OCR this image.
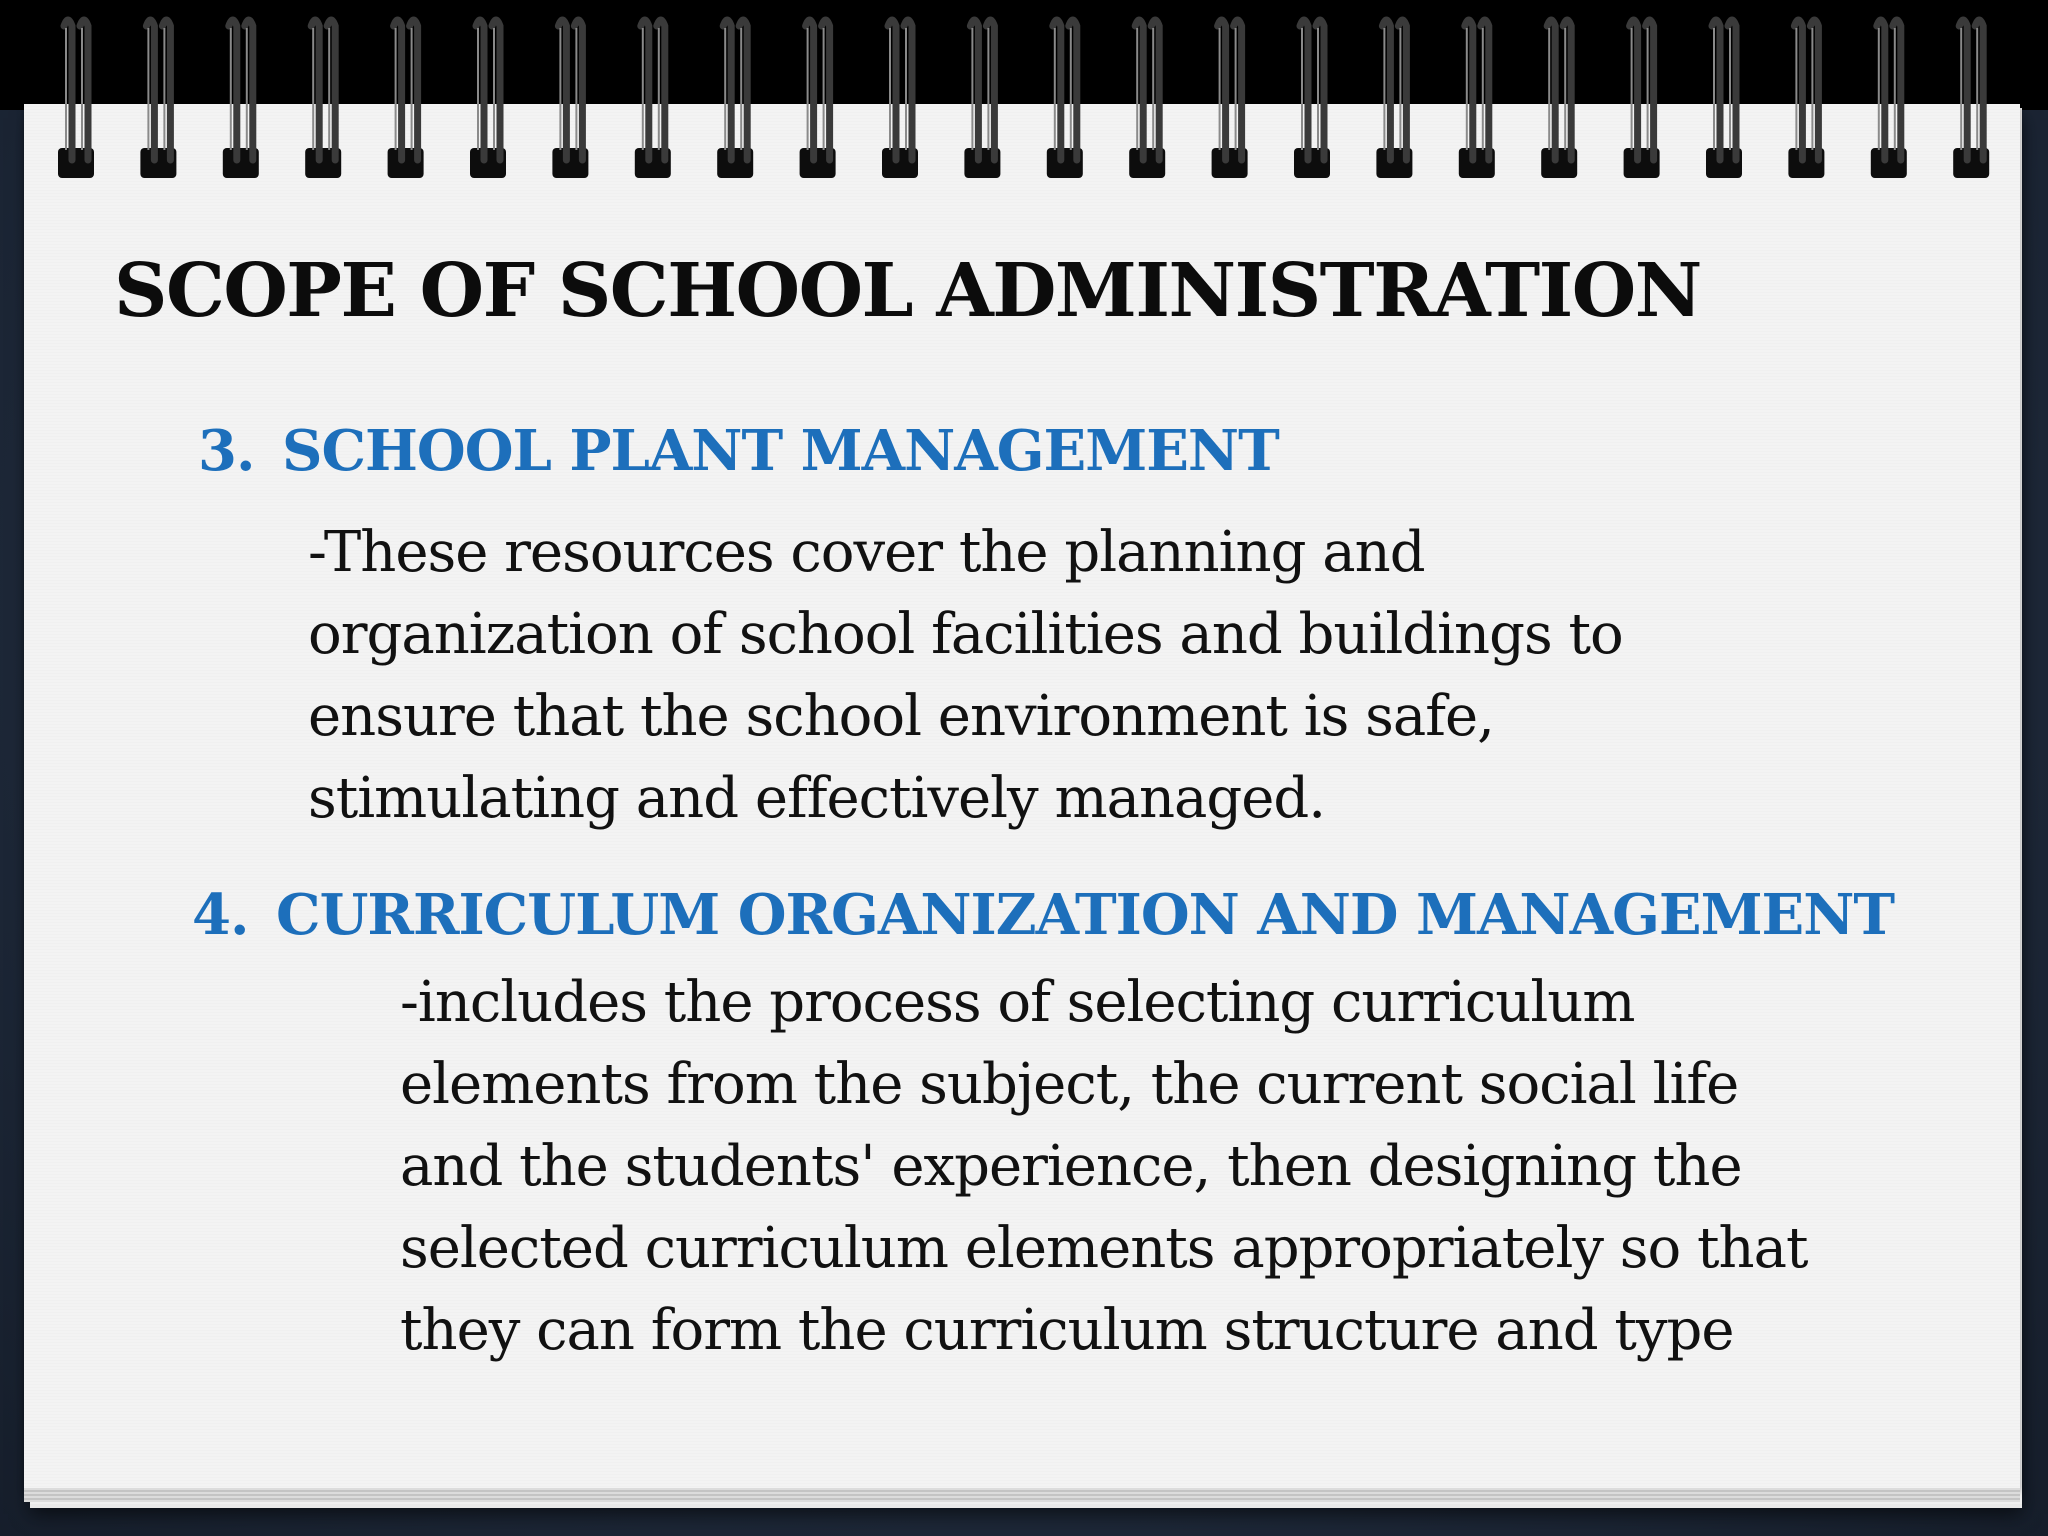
SCOPE OF SCHOOL ADMINISTRATION
3. SCHOOL PLANT MANAGEMENT

-These resources cover the planning and
organization of school facilities and buildings to
ensure that the school environment is safe,
stimulating and effectively managed.

4. CURRICULUM ORGANIZATION AND MANAGEMENT

-includes the process of selecting curriculum
elements from the subject, the current social life
and the students' experience, then designing the
selected curriculum elements appropriately so that
they can form the curriculum structure and type
